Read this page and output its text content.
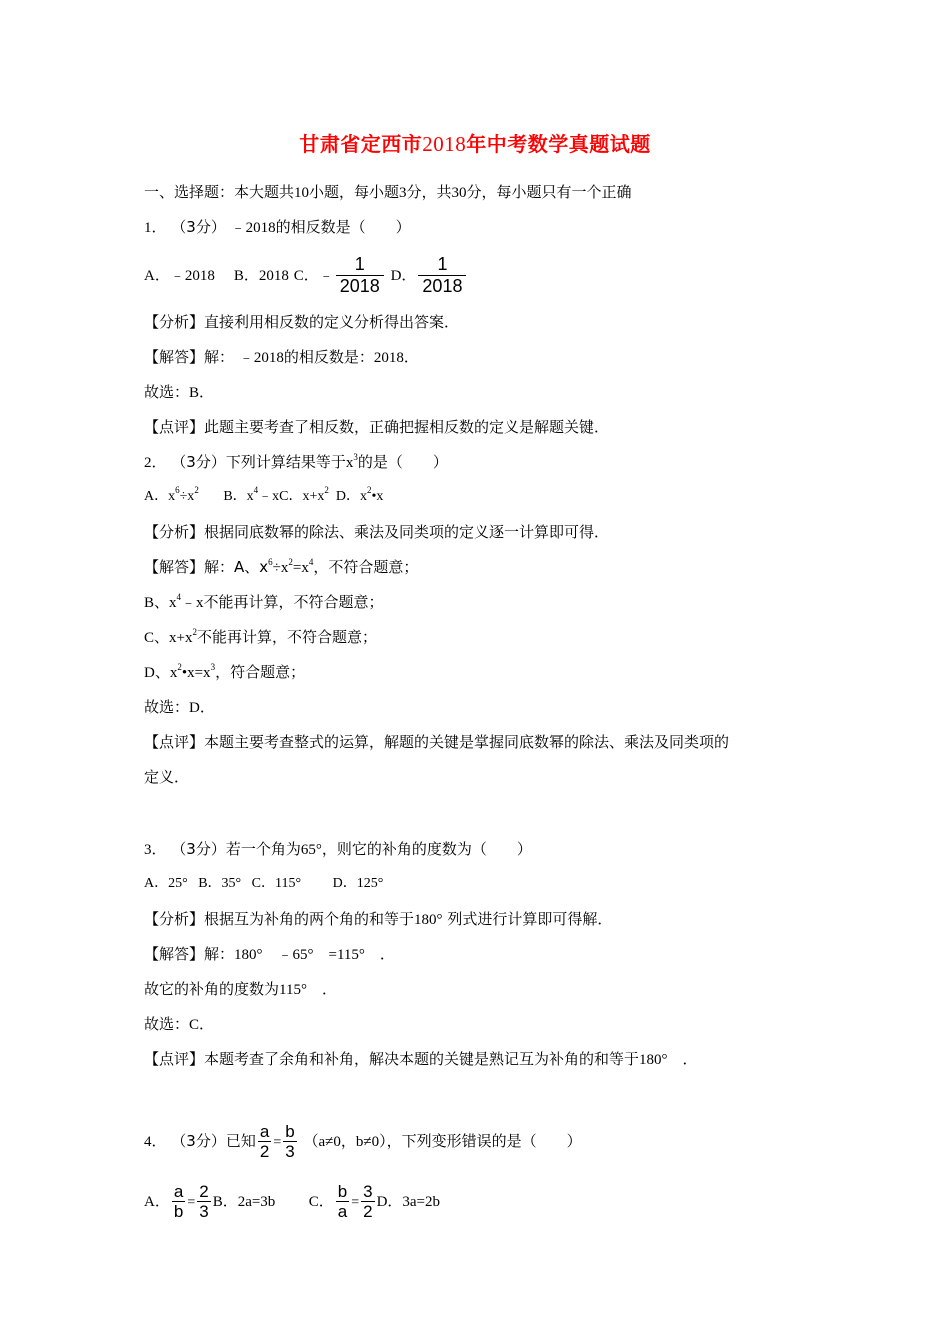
甘肃省定西市2018年中考数学真题试题
一、选择题：本大题共10小题，每小题3分，共30分，每小题只有一个正确
1． （3分） ﹣2018的相反数是（　　）
A．﹣2018 B．2018 C．﹣ $\frac{1}{2018}$ D． $\frac{1}{2018}$
【分析】直接利用相反数的定义分析得出答案．
【解答】解： ﹣2018的相反数是：2018．
故选：B．
【点评】此题主要考查了相反数，正确把握相反数的定义是解题关键．
2． （3分）下列计算结果等于$x^3$的是（　　）
A．$x^6\div x^2$ B．$x^4﹣xC$．$x+x^2$ D．$x^2•x$
【分析】根据同底数幂的除法、乘法及同类项的定义逐一计算即可得．
【解答】解：A、$x^6\div x^2=x^4$，不符合题意；
B、$x^4﹣x$不能再计算，不符合题意；
C、$x+x^2$不能再计算，不符合题意；
D、$x^2•x=x^3$，符合题意；
故选：D．
【点评】本题主要考查整式的运算，解题的关键是掌握同底数幂的除法、乘法及同类项的
定义．
3． （3分）若一个角为65°，则它的补角的度数为（　　）
A．25° B．35° C．115° D．125°
【分析】根据互为补角的两个角的和等于180° 列式进行计算即可得解．
【解答】解：180°　﹣65°　=115°　．
故它的补角的度数为115°　．
故选：C．
【点评】本题考查了余角和补角，解决本题的关键是熟记互为补角的和等于180°　．
4． （3分）已知 $\frac{a}{2} = \frac{b}{3} (a\ne 0$，b≠0），下列变形错误的是（　　）
A． $\frac{a}{b} = \frac{2}{3}$ B．2a=3b C． $\frac{b}{a} = \frac{3}{2}$ D．3a=2b
